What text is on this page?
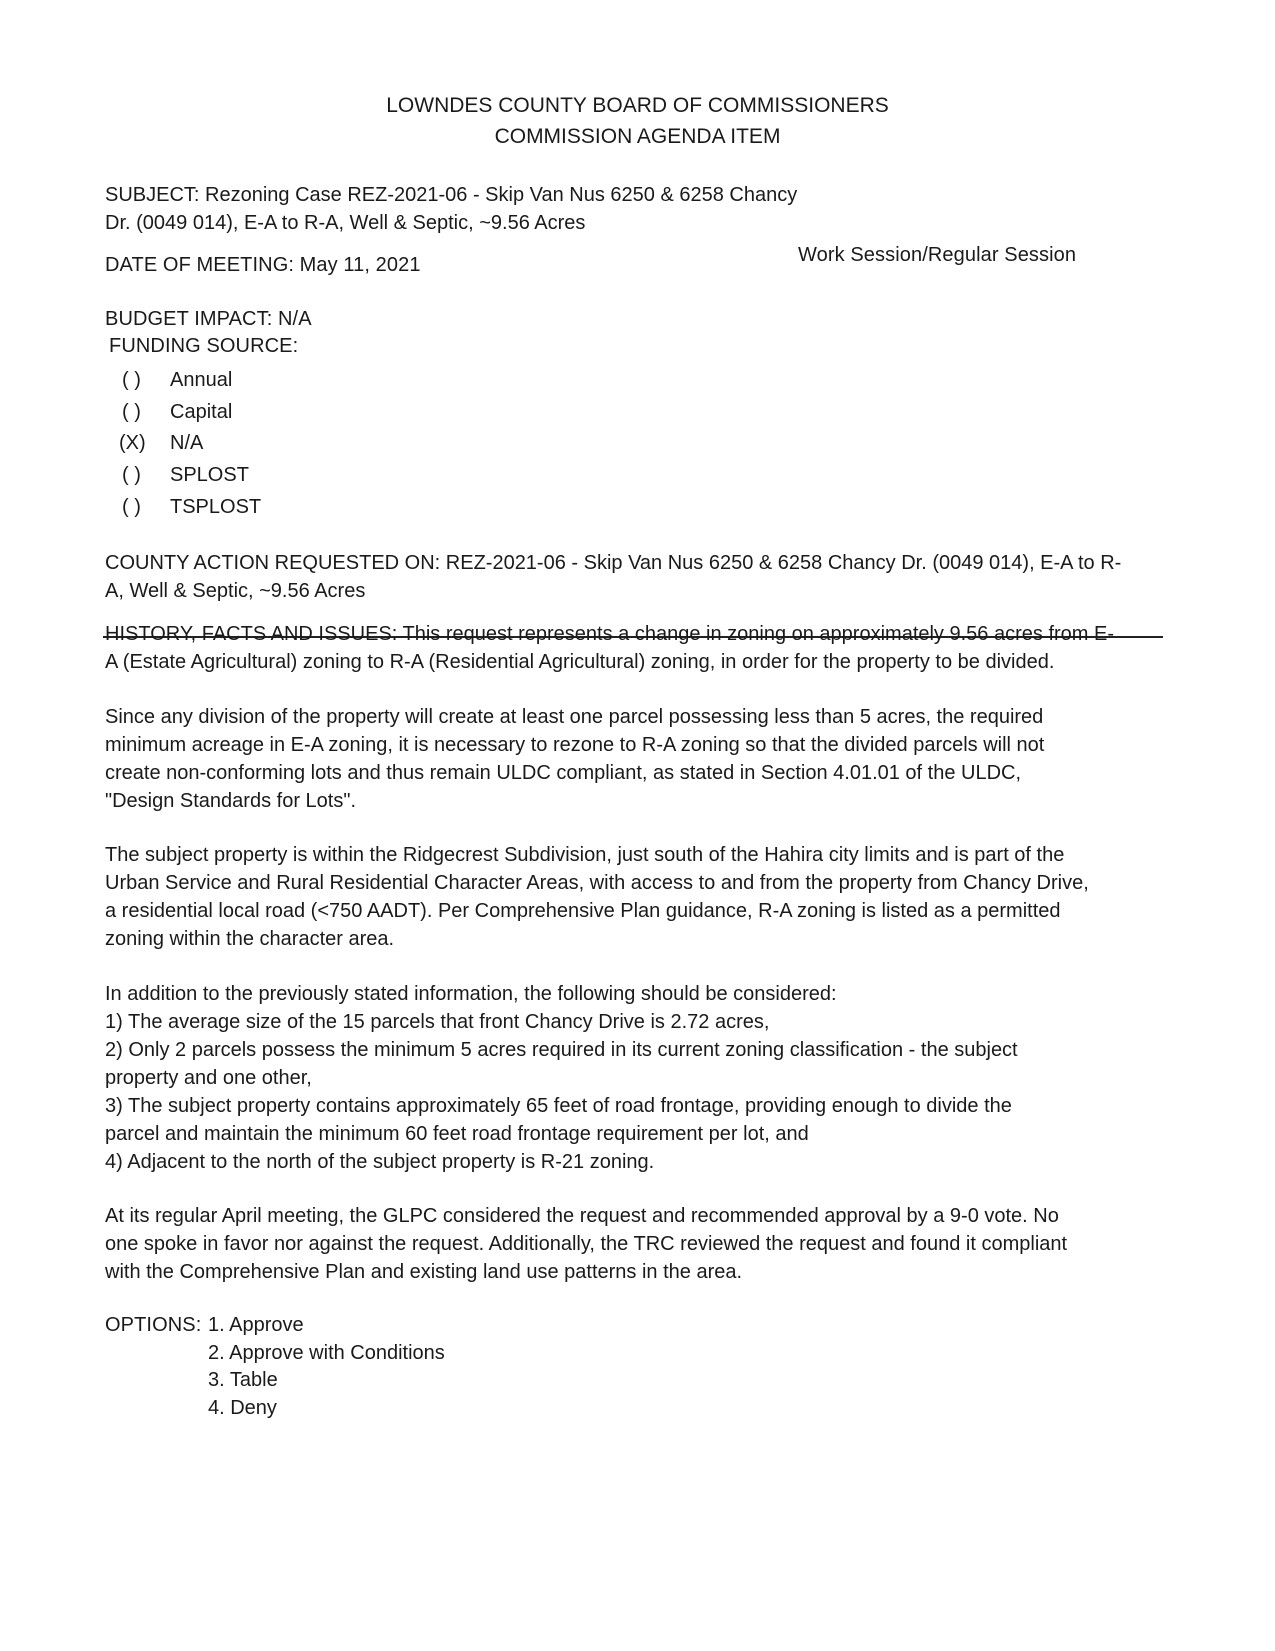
LOWNDES COUNTY BOARD OF COMMISSIONERS
COMMISSION AGENDA ITEM
SUBJECT: Rezoning Case REZ-2021-06 - Skip Van Nus 6250 & 6258 Chancy
Dr. (0049 014), E-A to R-A, Well & Septic, ~9.56 Acres
DATE OF MEETING: May 11, 2021	Work Session/Regular Session
BUDGET IMPACT: N/A
FUNDING SOURCE:
( ) Annual
( ) Capital
(X) N/A
( ) SPLOST
( ) TSPLOST
COUNTY ACTION REQUESTED ON: REZ-2021-06 - Skip Van Nus 6250 & 6258 Chancy Dr. (0049 014), E-A to R-
A, Well & Septic, ~9.56 Acres
HISTORY, FACTS AND ISSUES: This request represents a change in zoning on approximately 9.56 acres from E-
A (Estate Agricultural) zoning to R-A (Residential Agricultural) zoning, in order for the property to be divided.
Since any division of the property will create at least one parcel possessing less than 5 acres, the required
minimum acreage in E-A zoning, it is necessary to rezone to R-A zoning so that the divided parcels will not
create non-conforming lots and thus remain ULDC compliant, as stated in Section 4.01.01 of the ULDC,
"Design Standards for Lots".
The subject property is within the Ridgecrest Subdivision, just south of the Hahira city limits and is part of the
Urban Service and Rural Residential Character Areas, with access to and from the property from Chancy Drive,
a residential local road (<750 AADT). Per Comprehensive Plan guidance, R-A zoning is listed as a permitted
zoning within the character area.
In addition to the previously stated information, the following should be considered:
1) The average size of the 15 parcels that front Chancy Drive is 2.72 acres,
2) Only 2 parcels possess the minimum 5 acres required in its current zoning classification - the subject
property and one other,
3) The subject property contains approximately 65 feet of road frontage, providing enough to divide the
parcel and maintain the minimum 60 feet road frontage requirement per lot, and
4) Adjacent to the north of the subject property is R-21 zoning.
At its regular April meeting, the GLPC considered the request and recommended approval by a 9-0 vote. No
one spoke in favor nor against the request. Additionally, the TRC reviewed the request and found it compliant
with the Comprehensive Plan and existing land use patterns in the area.
OPTIONS: 1. Approve
2. Approve with Conditions
3. Table
4. Deny
